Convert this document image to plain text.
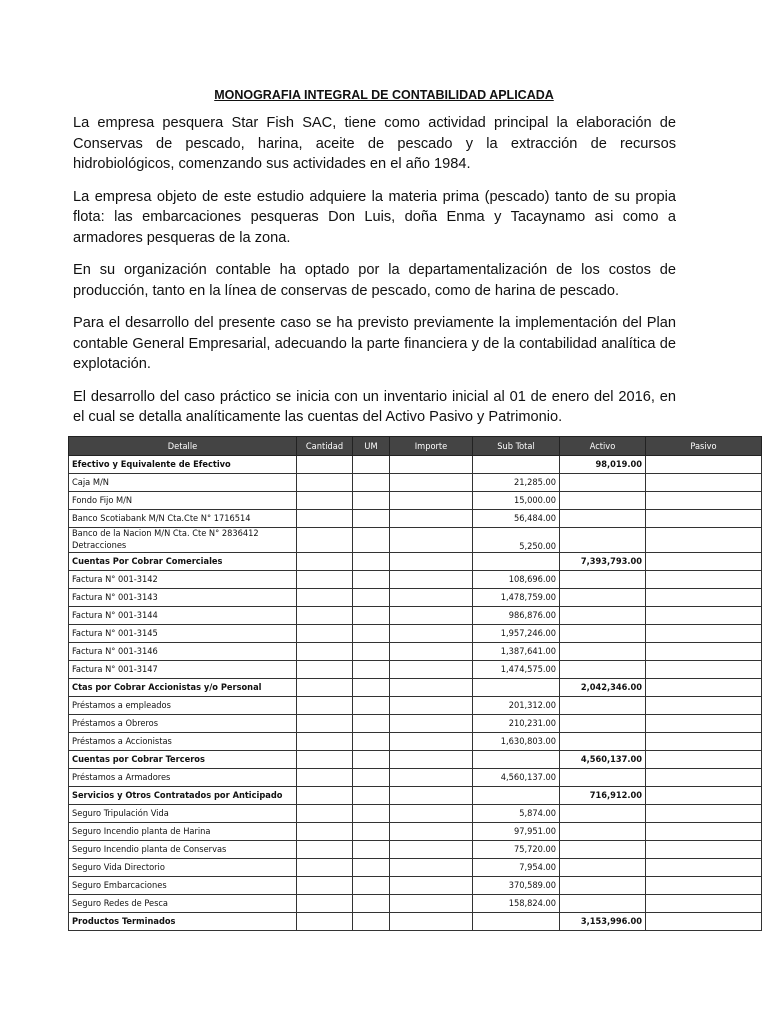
MONOGRAFIA INTEGRAL DE CONTABILIDAD APLICADA

La empresa pesquera Star Fish SAC, tiene como actividad principal la elaboración de Conservas de pescado, harina, aceite de pescado y la extracción de recursos hidrobiológicos, comenzando sus actividades en el año 1984.

La empresa objeto de este estudio adquiere la materia prima (pescado) tanto de su propia flota: las embarcaciones pesqueras Don Luis, doña Enma y Tacaynamo asi como a armadores pesqueras de la zona.

En su organización contable ha optado por la departamentalización de los costos de producción, tanto en la línea de conservas de pescado, como de harina de pescado.

Para el desarrollo del presente caso se ha previsto previamente la implementación del Plan contable General Empresarial, adecuando la parte financiera y de la contabilidad analítica de explotación.

El desarrollo del caso práctico se inicia con un inventario inicial al 01 de enero del 2016, en el cual se detalla analíticamente las cuentas del Activo Pasivo y Patrimonio.

Detalle	Cantidad	UM	Importe	Sub Total	Activo	Pasivo
Efectivo y Equivalente de Efectivo					98,019.00	
Caja M/N				21,285.00		
Fondo Fijo M/N				15,000.00		
Banco Scotiabank M/N Cta.Cte N° 1716514				56,484.00		
Banco de la Nacion M/N Cta. Cte N° 2836412 Detracciones				5,250.00		
Cuentas Por Cobrar Comerciales					7,393,793.00	
Factura N° 001-3142				108,696.00		
Factura N° 001-3143				1,478,759.00		
Factura N° 001-3144				986,876.00		
Factura N° 001-3145				1,957,246.00		
Factura N° 001-3146				1,387,641.00		
Factura N° 001-3147				1,474,575.00		
Ctas por Cobrar Accionistas y/o Personal					2,042,346.00	
Préstamos a empleados				201,312.00		
Préstamos a Obreros				210,231.00		
Préstamos a Accionistas				1,630,803.00		
Cuentas por Cobrar Terceros					4,560,137.00	
Préstamos a Armadores				4,560,137.00		
Servicios y Otros Contratados por Anticipado					716,912.00	
Seguro Tripulación Vida				5,874.00		
Seguro Incendio planta de Harina				97,951.00		
Seguro Incendio planta de Conservas				75,720.00		
Seguro Vida Directorio				7,954.00		
Seguro Embarcaciones				370,589.00		
Seguro Redes de Pesca				158,824.00		
Productos Terminados					3,153,996.00	
